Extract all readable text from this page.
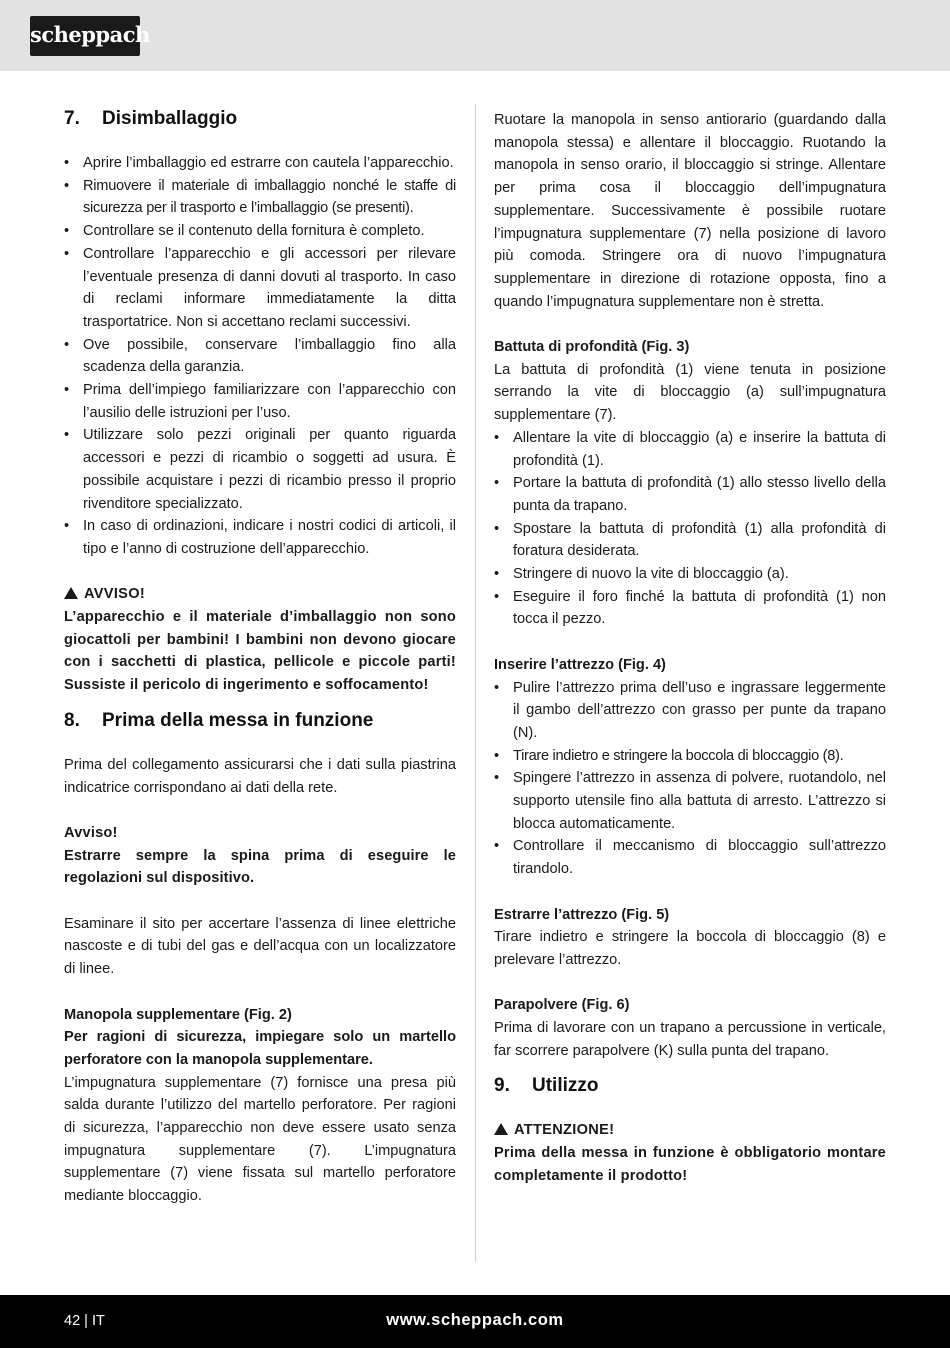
scheppach
7. Disimballaggio
• Aprire l’imballaggio ed estrarre con cautela l’apparecchio.
• Rimuovere il materiale di imballaggio nonché le staffe di sicurezza per il trasporto e l’imballaggio (se presenti).
• Controllare se il contenuto della fornitura è completo.
• Controllare l’apparecchio e gli accessori per rilevare l’eventuale presenza di danni dovuti al trasporto. In caso di reclami informare immediatamente la ditta trasportatrice. Non si accettano reclami successivi.
• Ove possibile, conservare l’imballaggio fino alla scadenza della garanzia.
• Prima dell’impiego familiarizzare con l’apparecchio con l’ausilio delle istruzioni per l’uso.
• Utilizzare solo pezzi originali per quanto riguarda accessori e pezzi di ricambio o soggetti ad usura. È possibile acquistare i pezzi di ricambio presso il proprio rivenditore specializzato.
• In caso di ordinazioni, indicare i nostri codici di articoli, il tipo e l’anno di costruzione dell’apparecchio.
AVVISO!

L’apparecchio e il materiale d’imballaggio non sono giocattoli per bambini! I bambini non devono giocare con i sacchetti di plastica, pellicole e piccole parti! Sussiste il pericolo di ingerimento e soffocamento!

8. Prima della messa in funzione

Prima del collegamento assicurarsi che i dati sulla piastrina indicatrice corrispondano ai dati della rete.

Avviso!

Estrarre sempre la spina prima di eseguire le regolazioni sul dispositivo.

Esaminare il sito per accertare l’assenza di linee elettriche nascoste e di tubi del gas e dell’acqua con un localizzatore di linee.

Manopola supplementare (Fig. 2)

Per ragioni di sicurezza, impiegare solo un martello perforatore con la manopola supplementare.

L’impugnatura supplementare (7) fornisce una presa più salda durante l’utilizzo del martello perforatore. Per ragioni di sicurezza, l’apparecchio non deve essere usato senza impugnatura supplementare (7). L’impugnatura supplementare (7) viene fissata sul martello perforatore mediante bloccaggio.

Ruotare la manopola in senso antiorario (guardando dalla manopola stessa) e allentare il bloccaggio. Ruotando la manopola in senso orario, il bloccaggio si stringe. Allentare per prima cosa il bloccaggio dell’impugnatura supplementare. Successivamente è possibile ruotare l’impugnatura supplementare (7) nella posizione di lavoro più comoda. Stringere ora di nuovo l’impugnatura supplementare in direzione di rotazione opposta, fino a quando l’impugnatura supplementare non è stretta.

Battuta di profondità (Fig. 3)

La battuta di profondità (1) viene tenuta in posizione serrando la vite di bloccaggio (a) sull’impugnatura supplementare (7).

• Allentare la vite di bloccaggio (a) e inserire la battuta di profondità (1).
• Portare la battuta di profondità (1) allo stesso livello della punta da trapano.
• Spostare la battuta di profondità (1) alla profondità di foratura desiderata.
• Stringere di nuovo la vite di bloccaggio (a).
• Eseguire il foro finché la battuta di profondità (1) non tocca il pezzo.

Inserire l’attrezzo (Fig. 4)

• Pulire l’attrezzo prima dell’uso e ingrassare leggermente il gambo dell’attrezzo con grasso per punte da trapano (N).
• Tirare indietro e stringere la boccola di bloccaggio (8).
• Spingere l’attrezzo in assenza di polvere, ruotandolo, nel supporto utensile fino alla battuta di arresto. L’attrezzo si blocca automaticamente.
• Controllare il meccanismo di bloccaggio sull’attrezzo tirandolo.

Estrarre l’attrezzo (Fig. 5)

Tirare indietro e stringere la boccola di bloccaggio (8) e prelevare l’attrezzo.

Parapolvere (Fig. 6)

Prima di lavorare con un trapano a percussione in verticale, far scorrere parapolvere (K) sulla punta del trapano.

9. Utilizzo
ATTENZIONE!

Prima della messa in funzione è obbligatorio montare completamente il prodotto!

42 | IT	www.scheppach.com
